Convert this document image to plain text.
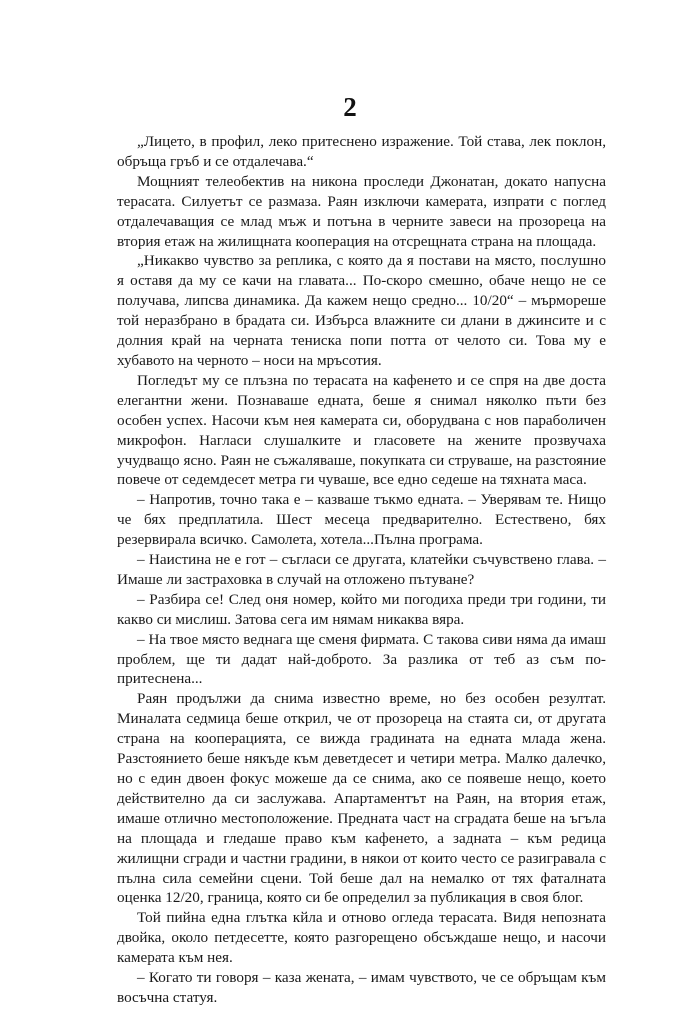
2

„Лицето, в профил, леко притеснено изражение. Той става, лек поклон, обръща гръб и се отдалечава.“

Мощният телеобектив на никона проследи Джонатан, докато напусна терасата. Силуетът се размаза. Раян изключи камерата, изпрати с поглед отдалечаващия се млад мъж и потъна в черните завеси на прозореца на втория етаж на жилищната кооперация на отсрещната страна на площада.

„Никакво чувство за реплика, с която да я постави на място, послушно я оставя да му се качи на главата... По-скоро смешно, обаче нещо не се получава, липсва динамика. Да кажем нещо средно... 10/20“ – мърмореше той неразбрано в брадата си. Избърса влажните си длани в джинсите и с долния край на черната тениска попи потта от челото си. Това му е хубавото на черното – носи на мръсотия.

Погледът му се плъзна по терасата на кафенето и се спря на две доста елегантни жени. Познаваше едната, беше я снимал няколко пъти без особен успех. Насочи към нея камерата си, оборудвана с нов параболичен микрофон. Нагласи слушалките и гласовете на жените прозвучаха учудващо ясно. Раян не съжаляваше, покупката си струваше, на разстояние повече от седемдесет метра ги чуваше, все едно седеше на тяхната маса.

– Напротив, точно така е – казваше тъкмо едната. – Уверявам те. Нищо че бях предплатила. Шест месеца предварително. Естествено, бях резервирала всичко. Самолета, хотела...Пълна програма.

– Наистина не е гот – съгласи се другата, клатейки съчувствено глава. – Имаше ли застраховка в случай на отложено пътуване?

– Разбира се! След оня номер, който ми погодиха преди три години, ти какво си мислиш. Затова сега им нямам никаква вяра.

– На твое място веднага ще сменя фирмата. С такова сиви няма да имаш проблем, ще ти дадат най-доброто. За разлика от теб аз съм по-притеснена...

Раян продължи да снима известно време, но без особен резултат. Миналата седмица беше открил, че от прозореца на стаята си, от другата страна на кооперацията, се вижда градината на едната млада жена. Разстоянието беше някъде към деветдесет и четири метра. Малко далечко, но с един двоен фокус можеше да се снима, ако се появеше нещо, което действително да си заслужава. Апартаментът на Раян, на втория етаж, имаше отлично местоположение. Предната част на сградата беше на ъгъла на площада и гледаше право към кафенето, а задната – към редица жилищни сгради и частни градини, в някои от които често се разигравала с пълна сила семейни сцени. Той беше дал на немалко от тях фаталната оценка 12/20, граница, която си бе определил за публикация в своя блог.

Той пийна една глътка кйла и отново огледа терасата. Видя непозната двойка, около петдесетте, която разгорещено обсъждаше нещо, и насочи камерата към нея.

– Когато ти говоря – каза жената, – имам чувството, че се обръщам към восъчна статуя.
